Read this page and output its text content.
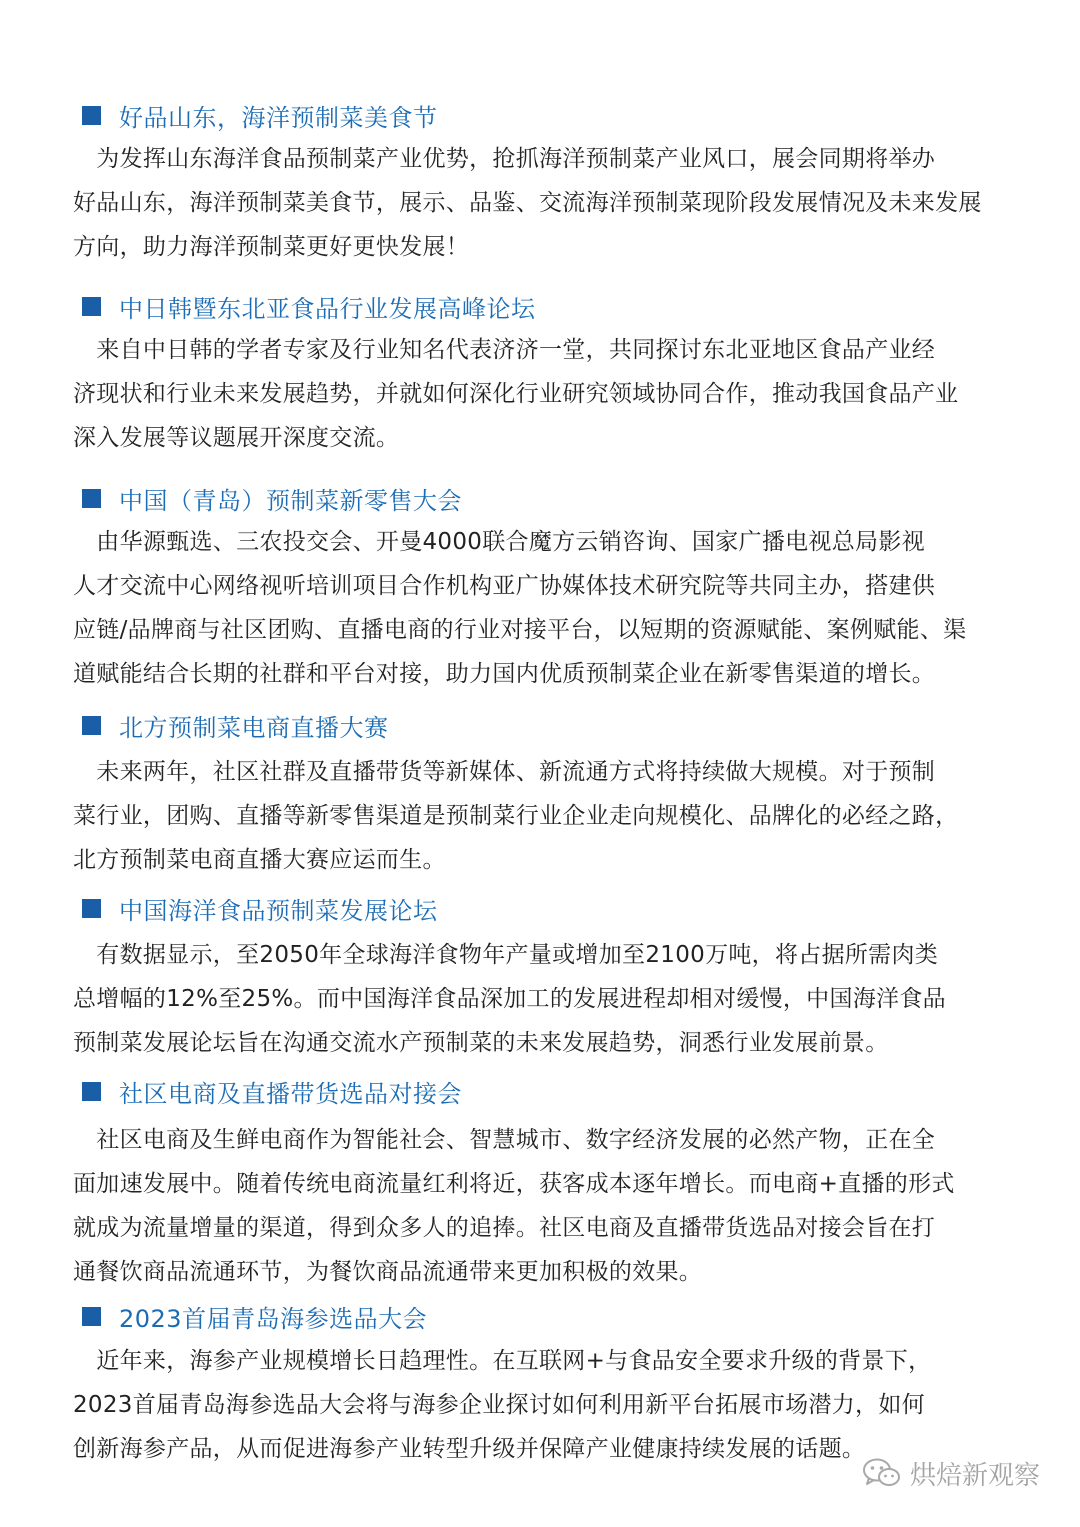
好品山东，海洋预制菜美食节
　为发挥山东海洋食品预制菜产业优势，抢抓海洋预制菜产业风口，展会同期将举办
好品山东，海洋预制菜美食节，展示、品鉴、交流海洋预制菜现阶段发展情况及未来发展
方向，助力海洋预制菜更好更快发展！
中日韩暨东北亚食品行业发展高峰论坛
　来自中日韩的学者专家及行业知名代表济济一堂，共同探讨东北亚地区食品产业经
济现状和行业未来发展趋势，并就如何深化行业研究领域协同合作，推动我国食品产业
深入发展等议题展开深度交流。
中国（青岛）预制菜新零售大会
　由华源甄选、三农投交会、开曼4000联合魔方云销咨询、国家广播电视总局影视
人才交流中心网络视听培训项目合作机构亚广协媒体技术研究院等共同主办，搭建供
应链/品牌商与社区团购、直播电商的行业对接平台，以短期的资源赋能、案例赋能、渠
道赋能结合长期的社群和平台对接，助力国内优质预制菜企业在新零售渠道的增长。
北方预制菜电商直播大赛
　未来两年，社区社群及直播带货等新媒体、新流通方式将持续做大规模。对于预制
菜行业，团购、直播等新零售渠道是预制菜行业企业走向规模化、品牌化的必经之路，
北方预制菜电商直播大赛应运而生。
中国海洋食品预制菜发展论坛
　有数据显示，至2050年全球海洋食物年产量或增加至2100万吨，将占据所需肉类
总增幅的12%至25%。而中国海洋食品深加工的发展进程却相对缓慢，中国海洋食品
预制菜发展论坛旨在沟通交流水产预制菜的未来发展趋势，洞悉行业发展前景。
社区电商及直播带货选品对接会
　社区电商及生鲜电商作为智能社会、智慧城市、数字经济发展的必然产物，正在全
面加速发展中。随着传统电商流量红利将近，获客成本逐年增长。而电商+直播的形式
就成为流量增量的渠道，得到众多人的追捧。社区电商及直播带货选品对接会旨在打
通餐饮商品流通环节，为餐饮商品流通带来更加积极的效果。
2023首届青岛海参选品大会
　近年来，海参产业规模增长日趋理性。在互联网+与食品安全要求升级的背景下，
2023首届青岛海参选品大会将与海参企业探讨如何利用新平台拓展市场潜力，如何
创新海参产品，从而促进海参产业转型升级并保障产业健康持续发展的话题。
烘焙新观察
